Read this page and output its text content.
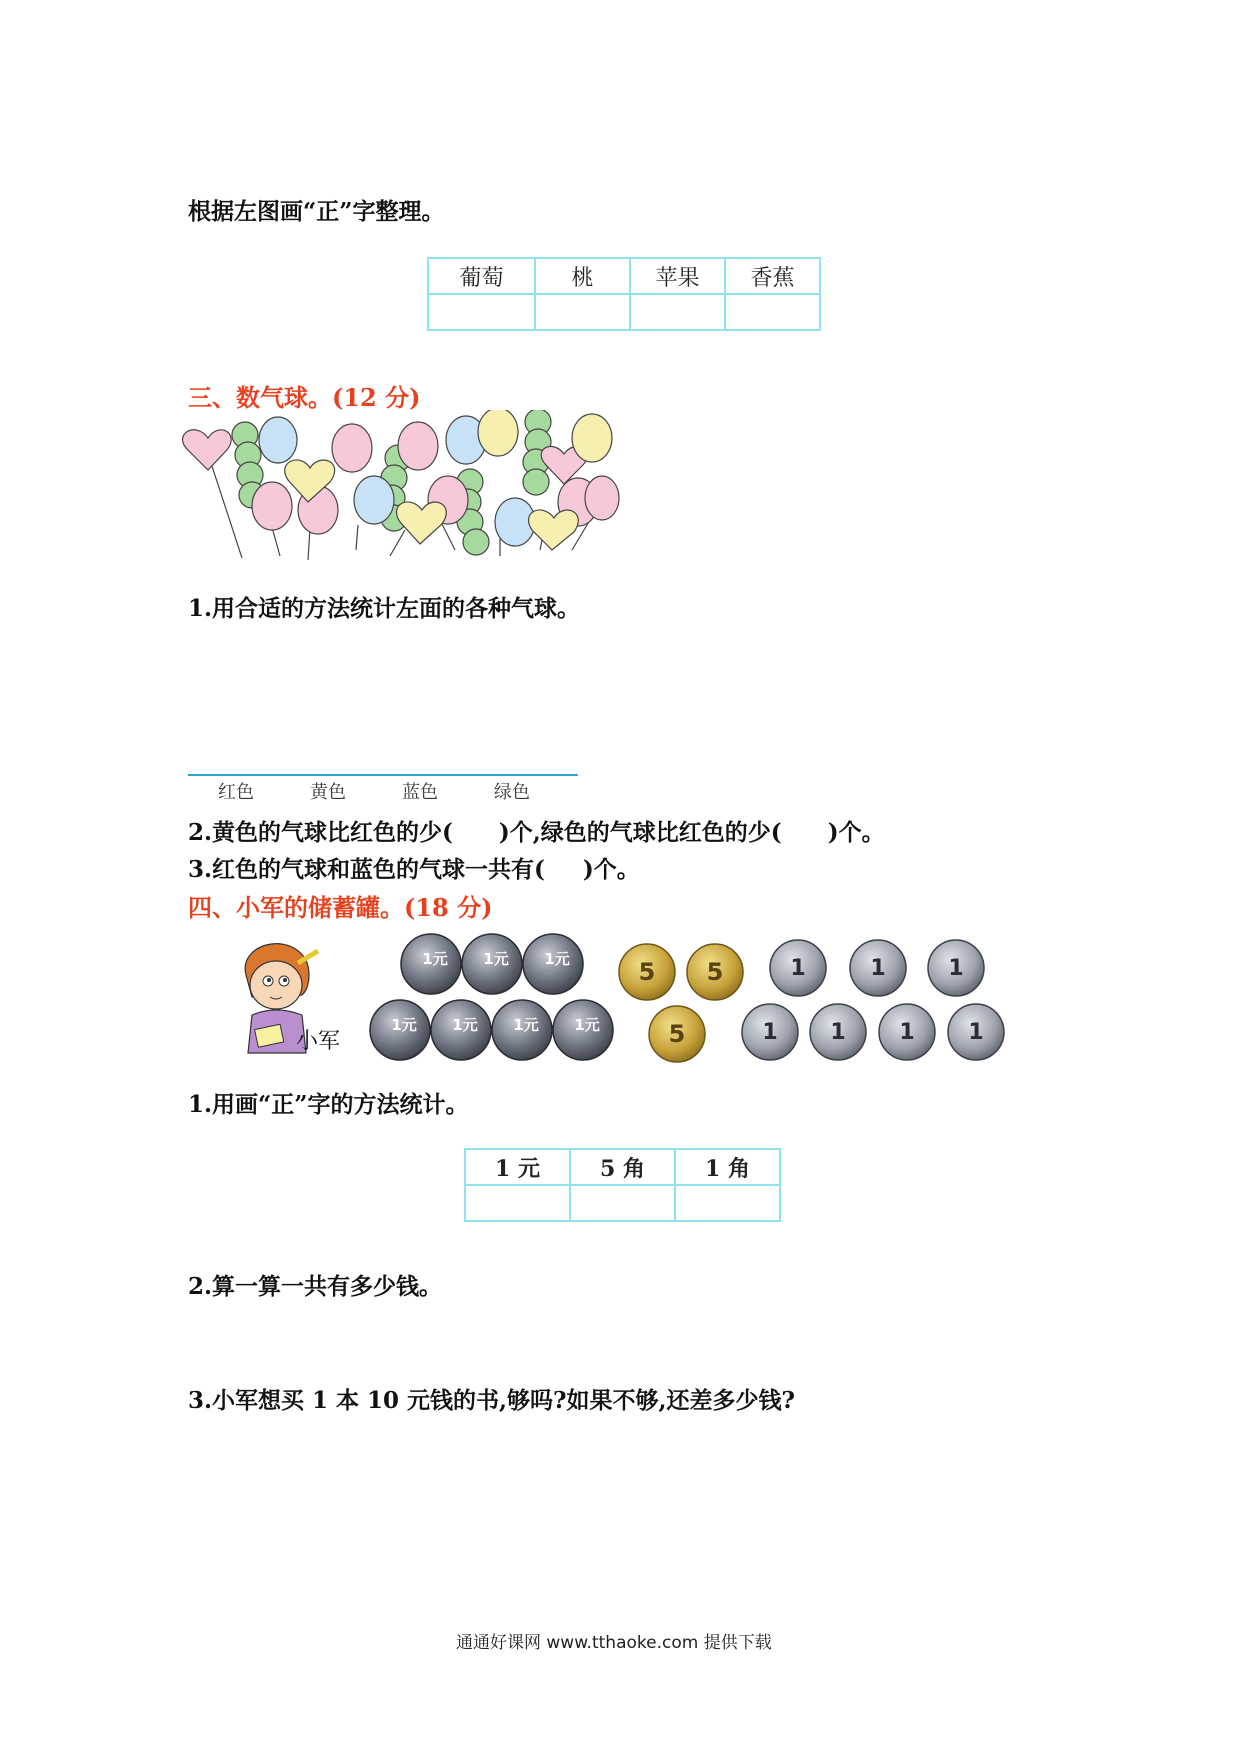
根据左图画“正”字整理。
葡萄	桃	苹果	香蕉

三、数气球。(12 分)
1.用合适的方法统计左面的各种气球。
红色	黄色	蓝色	绿色
2.黄色的气球比红色的少( )个,绿色的气球比红色的少( )个。
3.红色的气球和蓝色的气球一共有( )个。
四、小军的储蓄罐。(18 分)
小军
1元 1元 1元
1元 1元 1元 1元
5 5
5
1	1	1
1 1 1 1
1.用画“正”字的方法统计。
1 元	5 角	1 角

2.算一算一共有多少钱。
3.小军想买 1 本 10 元钱的书,够吗?如果不够,还差多少钱?
通通好课网 www.tthaoke.com 提供下载
